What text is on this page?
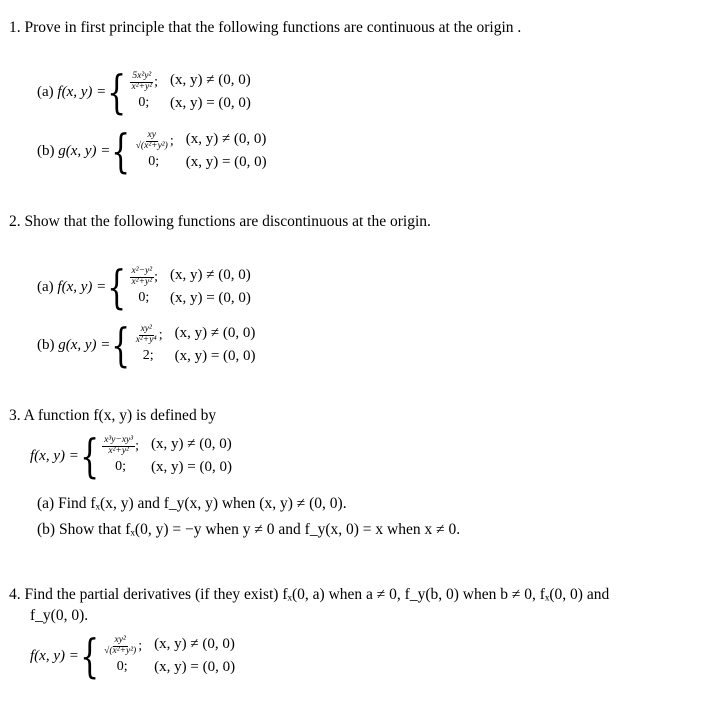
1. Prove in first principle that the following functions are continuous at the origin .
(a)
f(x, y) = { $\frac{\text{5x²y²}}{\text{x²+y²}}$ ; (x, y) ≠ (0, 0)
0;	(x, y) = (0, 0)
(b)
g(x, y) = { $\frac{xy}{\text{√(x²+y²)}}$ ; (x, y) ≠ (0, 0)
0;	(x, y) = (0, 0)
2. Show that the following functions are discontinuous at the origin.
(a)
f(x, y) = { $\frac{\text{x²−y²}}{\text{x²+y²}}$ ; (x, y) ≠ (0, 0)
0;	(x, y) = (0, 0)
(b)
g(x, y) = { $\frac{\text{xy²}}{\text{x²+y⁴}}$ ; (x, y) ≠ (0, 0)
2;	(x, y) = (0, 0)
3. A function f(x, y) is defined by
f(x, y) = { $\frac{\text{x³y−xy³}}{\text{x²+y²}}$ ; (x, y) ≠ (0, 0)
0;	(x, y) = (0, 0)
(a) Find fₓ(x, y) and f_y(x, y) when (x, y) ≠ (0, 0).
(b) Show that fₓ(0, y) = −y when y ≠ 0 and f_y(x, 0) = x when x ≠ 0.
4. Find the partial derivatives (if they exist) fₓ(0, a) when a ≠ 0, f_y(b, 0) when b ≠ 0, fₓ(0, 0) and
f_y(0, 0).
f(x, y) = { $\frac{\text{xy²}}{\text{√(x²+y²)}}$ ; (x, y) ≠ (0, 0)
0;	(x, y) = (0, 0)
